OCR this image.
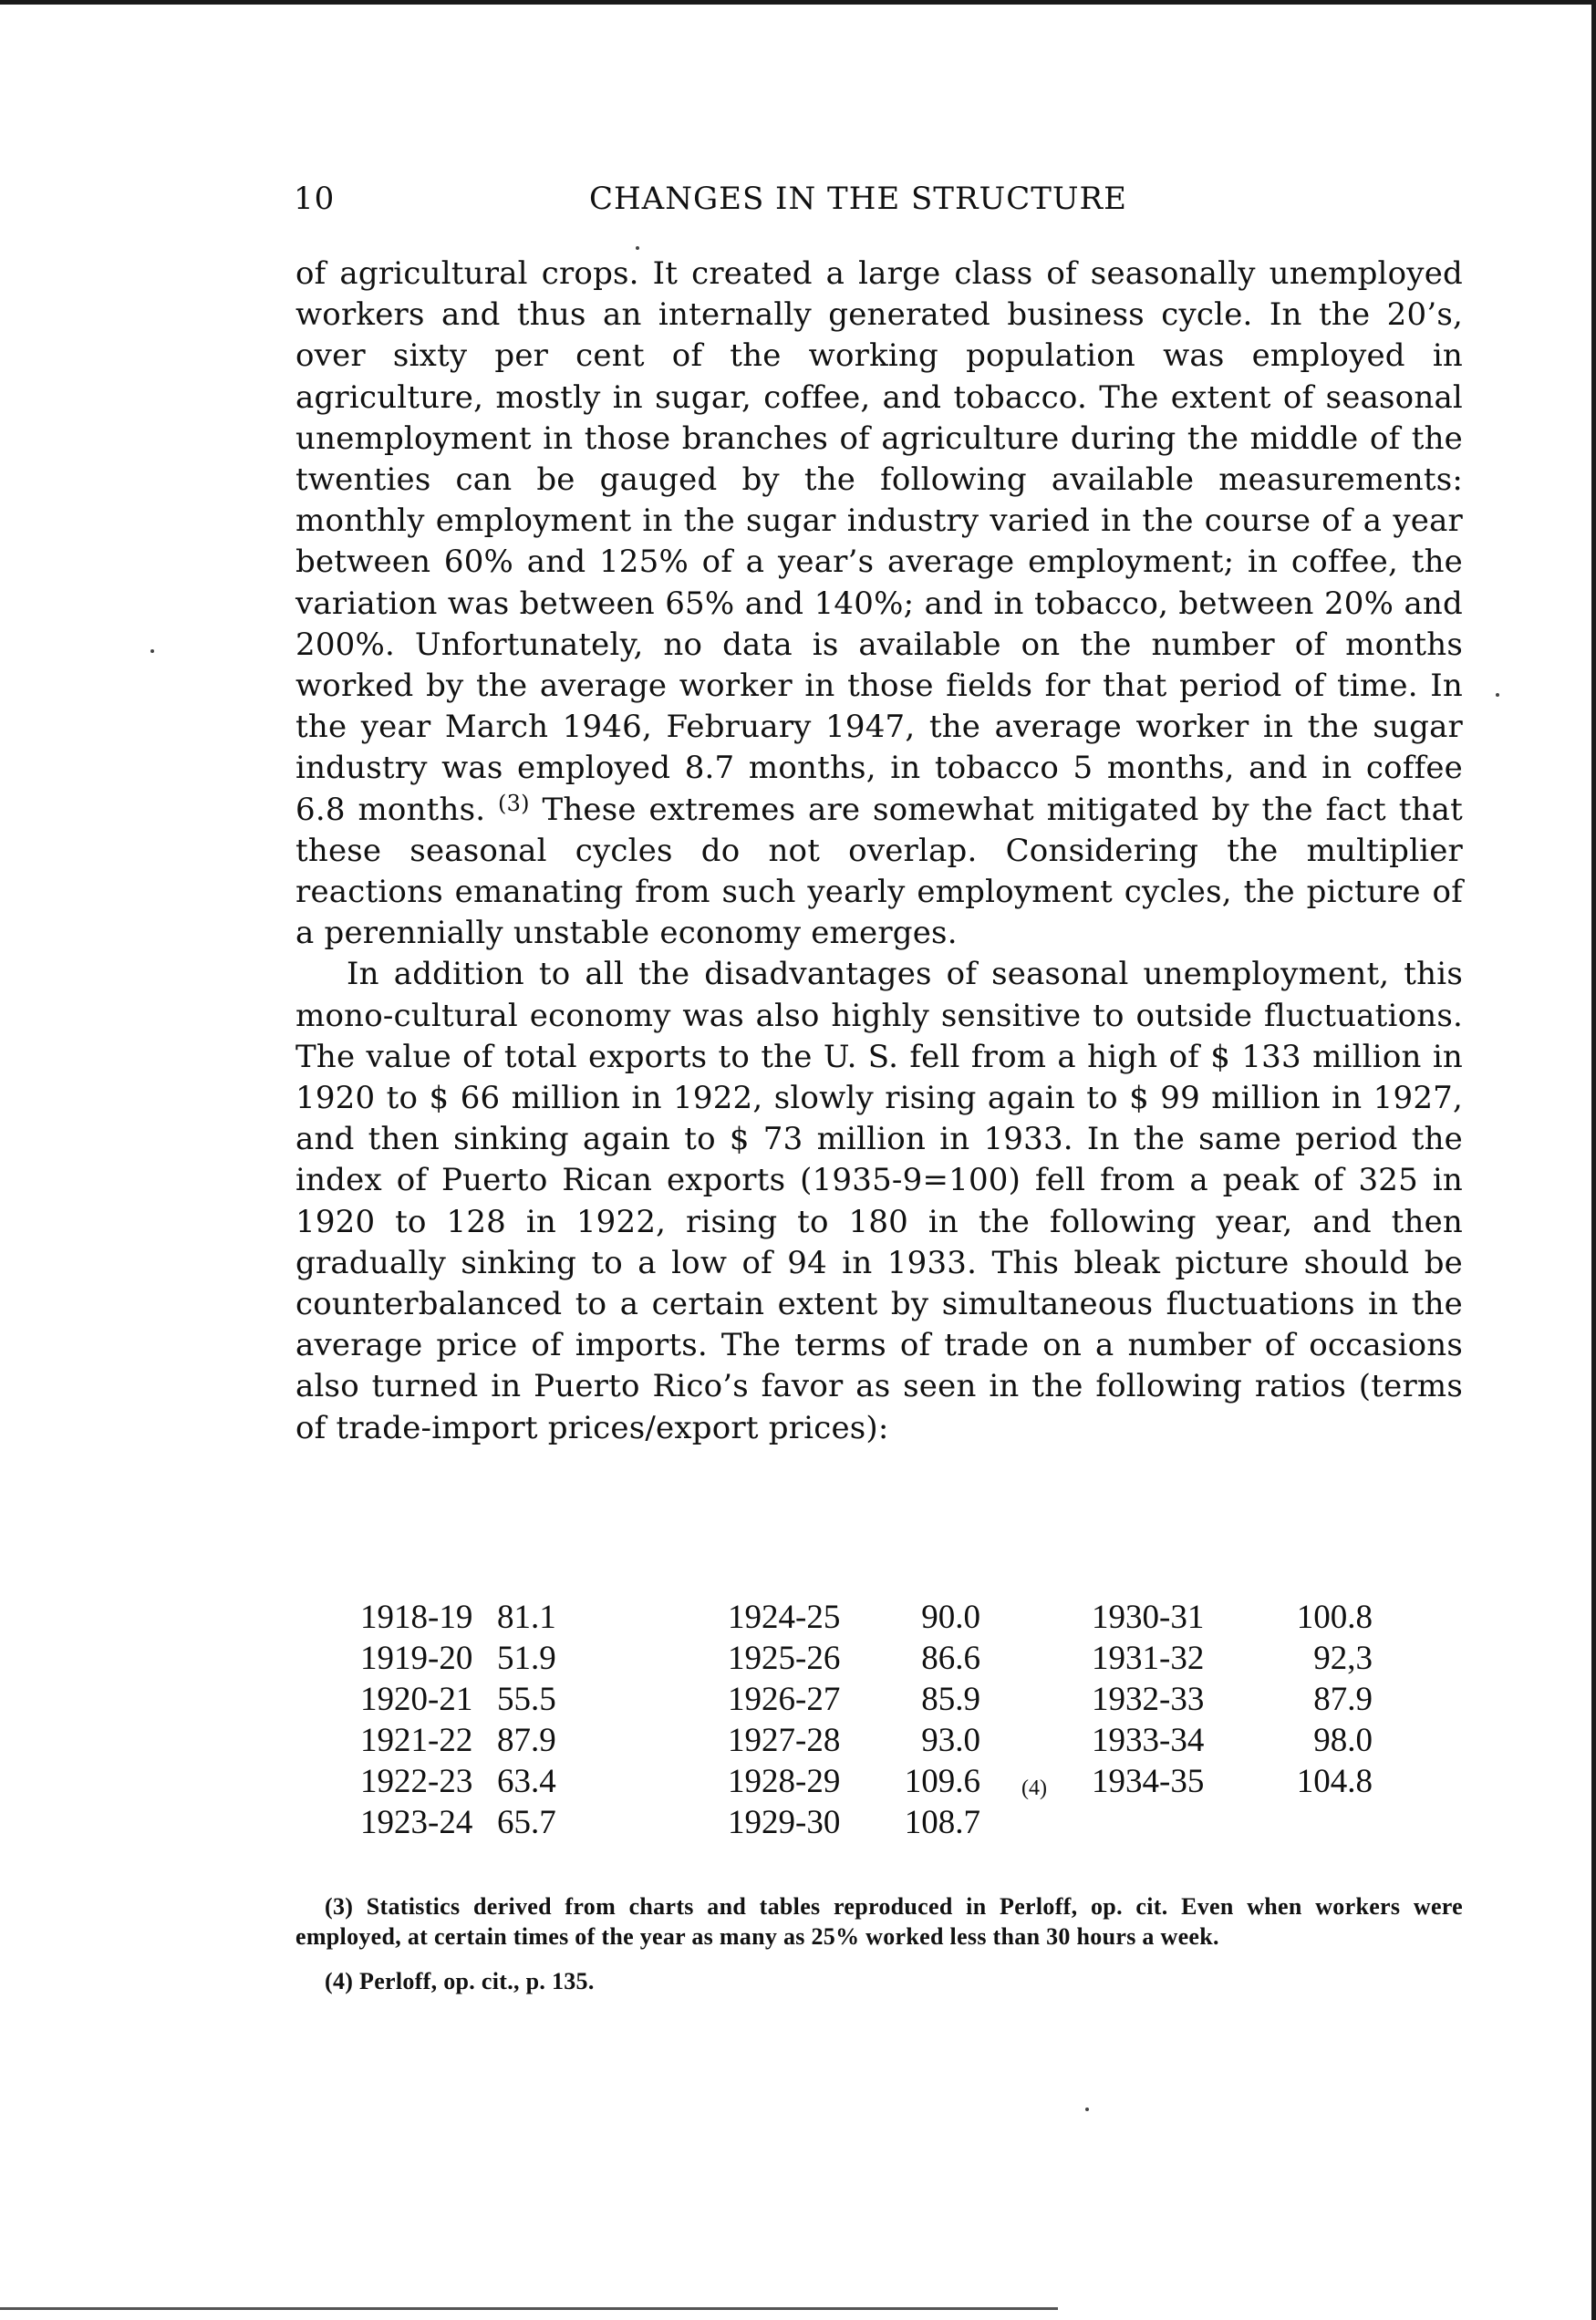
10	CHANGES IN THE STRUCTURE

of agricultural crops. It created a large class of seasonally unemployed workers and thus an internally generated business cycle. In the 20’s, over sixty per cent of the working population was employed in agriculture, mostly in sugar, coffee, and tobacco. The extent of seasonal unemployment in those branches of agriculture during the middle of the twenties can be gauged by the following available measurements: monthly employment in the sugar industry varied in the course of a year between 60% and 125% of a year’s average employment; in coffee, the variation was between 65% and 140%; and in tobacco, between 20% and 200%. Unfortunately, no data is available on the number of months worked by the average worker in those fields for that period of time. In the year March 1946, February 1947, the average worker in the sugar industry was employed 8.7 months, in tobacco 5 months, and in coffee 6.8 months. $^{(3)}$ These extremes are somewhat mitigated by the fact that these seasonal cycles do not overlap. Considering the multiplier reactions emanating from such yearly employment cycles, the picture of a perennially unstable economy emerges.

In addition to all the disadvantages of seasonal unemployment, this mono-cultural economy was also highly sensitive to outside fluctuations. The value of total exports to the U. S. fell from a high of $ 133 million in 1920 to $ 66 million in 1922, slowly rising again to $ 99 million in 1927, and then sinking again to $ 73 million in 1933. In the same period the index of Puerto Rican exports (1935-9=100) fell from a peak of 325 in 1920 to 128 in 1922, rising to 180 in the following year, and then gradually sinking to a low of 94 in 1933. This bleak picture should be counterbalanced to a certain extent by simultaneous fluctuations in the average price of imports. The terms of trade on a number of occasions also turned in Puerto Rico’s favor as seen in the following ratios (terms of trade-import prices/export prices):

1918-19 81.1	1924-25	90.0	1930-31	100.8
1919-20 51.9	1925-26	86.6	1931-32	92,3
1920-21 55.5	1926-27	85.9	1932-33	87.9
1921-22 87.9	1927-28	93.0	1933-34	98.0
1922-23 63.4	1928-29	109.6	1934-35	104.8
1923-24 65.7	1929-30	108.7
(4)

(3) Statistics derived from charts and tables reproduced in Perloff, op. cit. Even when workers were employed, at certain times of the year as many as 25% worked less than 30 hours a week.

(4) Perloff, op. cit., p. 135.
